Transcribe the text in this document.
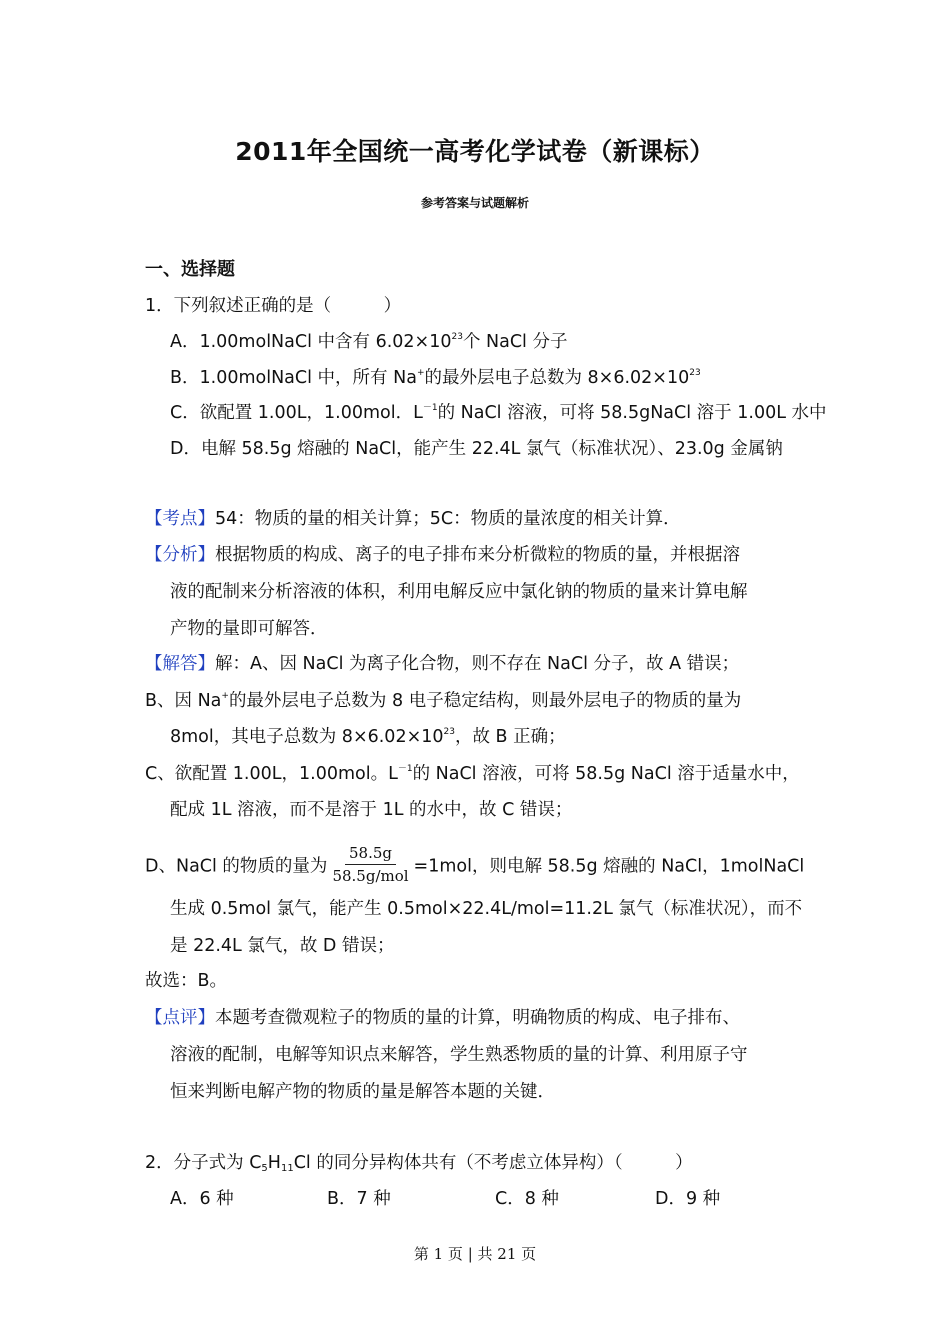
2011年全国统一高考化学试卷（新课标）
参考答案与试题解析
一、选择题
1．下列叙述正确的是（　　　）
A．1.00molNaCl 中含有 $6.02\times 10^{23}$个 NaCl 分子
B．1.00molNaCl 中，所有 Na+的最外层电子总数为 $8\times 6.02\times 10^{23}$
C．欲配置 1.00L，1.00mol．$L^{-1}$的 NaCl 溶液，可将 58.5gNaCl 溶于 1.00L 水中
D．电解 58.5g 熔融的 NaCl，能产生 22.4L 氯气（标准状况）、23.0g 金属钠
【考点】54：物质的量的相关计算；5C：物质的量浓度的相关计算．
【分析】根据物质的构成、离子的电子排布来分析微粒的物质的量，并根据溶
液的配制来分析溶液的体积，利用电解反应中氯化钠的物质的量来计算电解
产物的量即可解答．
【解答】解：A、因 NaCl 为离子化合物，则不存在 NaCl 分子，故 A 错误；
B、因 Na+的最外层电子总数为 8 电子稳定结构，则最外层电子的物质的量为
8mol，其电子总数为 $8\times 6.02\times 10^{23}$，故 B 正确；
C、欲配置 1.00L，1.00mol。$L^{-1}$的 NaCl 溶液，可将 58.5g NaCl 溶于适量水中，
配成 1L 溶液，而不是溶于 1L 的水中，故 C 错误；
D、NaCl 的物质的量为 $\frac{58.5g}{\text{58.5g/mol}} =1mol$，则电解 58.5g 熔融的 NaCl，1molNaCl
生成 0.5mol 氯气，能产生 0.5mol×22.4L/mol=11.2L 氯气（标准状况），而不
是 22.4L 氯气，故 D 错误；
故选：B。
【点评】本题考查微观粒子的物质的量的计算，明确物质的构成、电子排布、
溶液的配制，电解等知识点来解答，学生熟悉物质的量的计算、利用原子守
恒来判断电解产物的物质的量是解答本题的关键．
2．分子式为 $C_5H_{11}Cl$ 的同分异构体共有（不考虑立体异构）（　　　）
A．6 种	B．7 种	C．8 种	D．9 种
第 1 页 | 共 21 页
